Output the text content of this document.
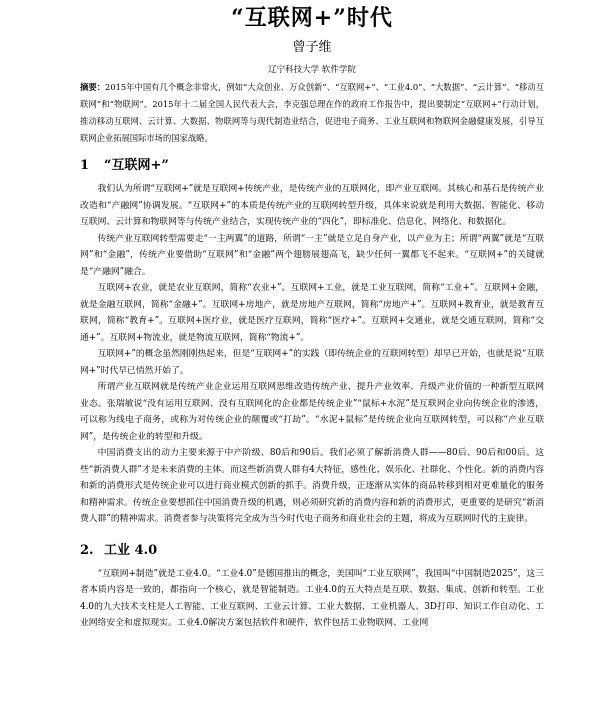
“互联网+”时代
曾子维
辽宁科技大学 软件学院
摘要：2015年中国有几个概念非常火，例如“大众创业、万众创新”、“互联网+”、“工业4.0”、“大数据”、“云计算”、“移动互联网”和“物联网”。2015年十二届全国人民代表大会，李克强总理在作的政府工作报告中，提出要制定“互联网+”行动计划，推动移动互联网、云计算、大数据、物联网等与现代制造业结合，促进电子商务、工业互联网和物联网金融健康发展，引导互联网企业拓展国际市场的国家战略。
1 “互联网+”

我们认为所谓“互联网+”就是互联网+传统产业，是传统产业的互联网化，即产业互联网。其核心和基石是传统产业改造和“产融网”协调发展。“互联网+”的本质是传统产业的互联网转型升级，具体来说就是利用大数据、智能化、移动互联网、云计算和物联网等与传统产业结合，实现传统产业的“四化”，即标准化、信息化、网络化、和数据化。

传统产业互联网转型需要走“一主两翼”的道路，所谓“一主”就是立足自身产业，以产业为主；所谓“两翼”就是“互联网”和“金融”，传统产业要借助“互联网”和“金融”两个翅膀展翅高飞，缺少任何一翼都飞不起来。“互联网+”的关键就是“产融网”融合。

互联网+农业，就是农业互联网，简称“农业+”。互联网+工业，就是工业互联网，简称“工业+”。互联网+金融，就是金融互联网，简称“金融+”。互联网+房地产，就是房地产互联网，简称“房地产+”。互联网+教育业，就是教育互联网，简称“教育+”。互联网+医疗业，就是医疗互联网，简称“医疗+”。互联网+交通业，就是交通互联网，简称“交通+”。互联网+物流业，就是物流互联网，简称“物流+”。

互联网+”的概念虽然刚刚热起来，但是“互联网+”的实践（即传统企业的互联网转型）却早已开始，也就是说“互联网+”时代早已悄然开始了。

所谓产业互联网就是传统产业企业运用互联网思维改造传统产业、提升产业效率、升级产业价值的一种新型互联网业态。张瑞敏说“没有运用互联网、没有互联网化的企业都是传统企业”“鼠标+水泥”是互联网企业向传统企业的渗透，可以称为线电子商务，或称为对传统企业的颠覆或“打劫”。“水泥+鼠标”是传统企业向互联网转型，可以称“产业互联网”，是传统企业的转型和升级。

中国消费支出的动力主要来源于中产阶级、80后和90后。我们必须了解新消费人群——80后、90后和00后。这些“新消费人群”才是未来消费的主体。而这些新消费人群有4大特征，感性化、娱乐化、社群化、个性化。新的消费内容和新的消费形式是传统企业可以进行商业模式创新的抓手。消费升级，正逐渐从实体的商品转移到相对更难量化的服务和精神需求。传统企业要想抓住中国消费升级的机遇，则必须研究新的消费内容和新的消费形式，更重要的是研究“新消费人群”的精神需求。消费者参与决策将完全成为当今时代电子商务和商业社会的主题，将成为互联网时代的主旋律。

2. 工业 4.0

“互联网+制造”就是工业4.0。“工业4.0”是德国推出的概念，美国叫“工业互联网”，我国叫“中国制造2025”，这三者本质内容是一致的，都指向一个核心，就是智能制造。工业4.0的五大特点是互联、数据、集成、创新和转型。工业4.0的九大技术支柱是人工智能、工业互联网、工业云计算、工业大数据、工业机器人、3D打印、知识工作自动化、工业网络安全和虚拟现实。工业4.0解决方案包括软件和硬件，软件包括工业物联网、工业网
